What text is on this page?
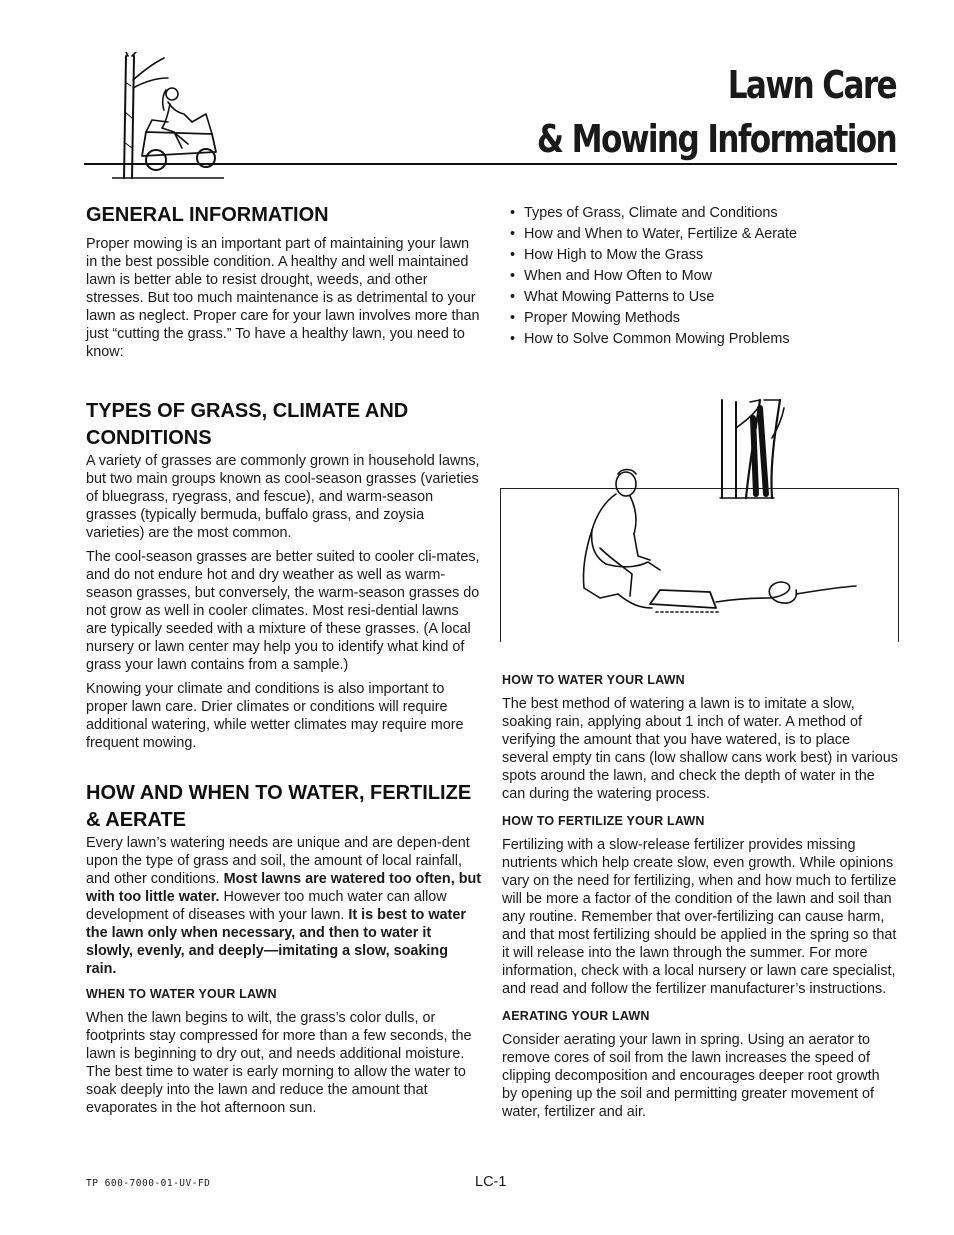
Lawn Care
& Mowing Information
GENERAL INFORMATION

Proper mowing is an important part of maintaining your lawn in the best possible condition. A healthy and well maintained lawn is better able to resist drought, weeds, and other stresses. But too much maintenance is as detrimental to your lawn as neglect. Proper care for your lawn involves more than just “cutting the grass.” To have a healthy lawn, you need to know:

TYPES OF GRASS, CLIMATE AND CONDITIONS

A variety of grasses are commonly grown in household lawns, but two main groups known as cool-season grasses (varieties of bluegrass, ryegrass, and fescue), and warm-season grasses (typically bermuda, buffalo grass, and zoysia varieties) are the most common.

The cool-season grasses are better suited to cooler cli-mates, and do not endure hot and dry weather as well as warm-season grasses, but conversely, the warm-season grasses do not grow as well in cooler climates. Most resi-dential lawns are typically seeded with a mixture of these grasses. (A local nursery or lawn center may help you to identify what kind of grass your lawn contains from a sample.)

Knowing your climate and conditions is also important to proper lawn care. Drier climates or conditions will require additional watering, while wetter climates may require more frequent mowing.

HOW AND WHEN TO WATER, FERTILIZE & AERATE

Every lawn’s watering needs are unique and are depen-dent upon the type of grass and soil, the amount of local rainfall, and other conditions. Most lawns are watered too often, but with too little water. However too much water can allow development of diseases with your lawn. It is best to water the lawn only when necessary, and then to water it slowly, evenly, and deeply—imitating a slow, soaking rain.

WHEN TO WATER YOUR LAWN

When the lawn begins to wilt, the grass’s color dulls, or footprints stay compressed for more than a few seconds, the lawn is beginning to dry out, and needs additional moisture. The best time to water is early morning to allow the water to soak deeply into the lawn and reduce the amount that evaporates in the hot afternoon sun.

• Types of Grass, Climate and Conditions
• How and When to Water, Fertilize & Aerate
• How High to Mow the Grass
• When and How Often to Mow
• What Mowing Patterns to Use
• Proper Mowing Methods
• How to Solve Common Mowing Problems
HOW TO WATER YOUR LAWN

The best method of watering a lawn is to imitate a slow, soaking rain, applying about 1 inch of water. A method of verifying the amount that you have watered, is to place several empty tin cans (low shallow cans work best) in various spots around the lawn, and check the depth of water in the can during the watering process.

HOW TO FERTILIZE YOUR LAWN

Fertilizing with a slow-release fertilizer provides missing nutrients which help create slow, even growth. While opinions vary on the need for fertilizing, when and how much to fertilize will be more a factor of the condition of the lawn and soil than any routine. Remember that over-fertilizing can cause harm, and that most fertilizing should be applied in the spring so that it will release into the lawn through the summer. For more information, check with a local nursery or lawn care specialist, and read and follow the fertilizer manufacturer’s instructions.

AERATING YOUR LAWN

Consider aerating your lawn in spring. Using an aerator to remove cores of soil from the lawn increases the speed of clipping decomposition and encourages deeper root growth by opening up the soil and permitting greater movement of water, fertilizer and air.

TP 600-7000-01-UV-FD	LC-1
